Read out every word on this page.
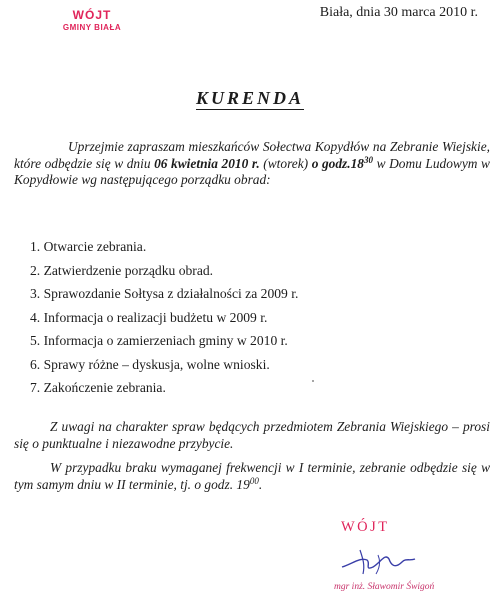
WÓJT
GMINY BIAŁA
Biała, dnia 30 marca 2010 r.
KURENDA

Uprzejmie zapraszam mieszkańców Sołectwa Kopydłów na Zebranie Wiejskie, które odbędzie się w dniu 06 kwietnia 2010 r. (wtorek) o $godz.18^{30}$ w Domu Ludowym w Kopydłowie wg następującego porządku obrad:

1. Otwarcie zebrania.
2. Zatwierdzenie porządku obrad.
3. Sprawozdanie Sołtysa z działalności za 2009 r.
4. Informacja o realizacji budżetu w 2009 r.
5. Informacja o zamierzeniach gminy w 2010 r.
6. Sprawy różne – dyskusja, wolne wnioski.
7. Zakończenie zebrania.

Z uwagi na charakter spraw będących przedmiotem Zebrania Wiejskiego – prosi się o punktualne i niezawodne przybycie.

W przypadku braku wymaganej frekwencji w I terminie, zebranie odbędzie się w tym samym dniu w II terminie, tj. o godz. $19^{00}$.

WÓJT
mgr inż. Sławomir Świgoń
